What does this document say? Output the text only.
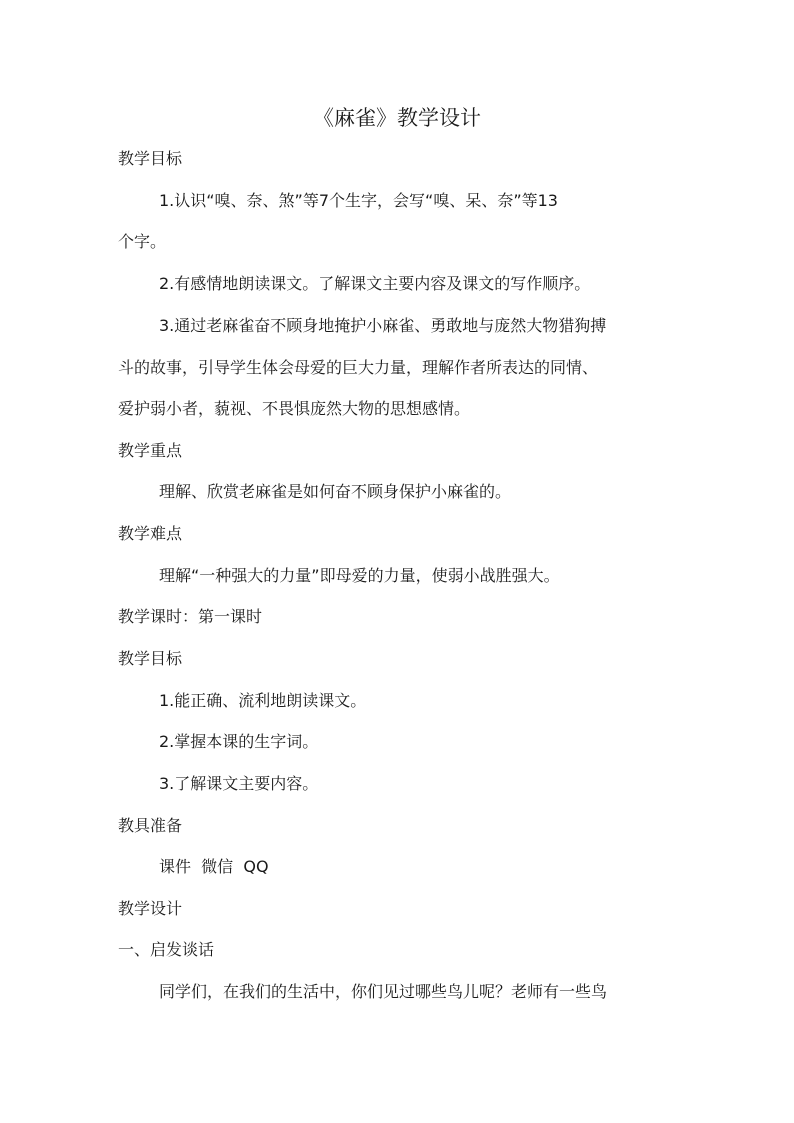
《麻雀》教学设计
教学目标
1.认识“嗅、奈、煞”等7个生字，会写“嗅、呆、奈”等13
个字。
2.有感情地朗读课文。了解课文主要内容及课文的写作顺序。
3.通过老麻雀奋不顾身地掩护小麻雀、勇敢地与庞然大物猎狗搏
斗的故事，引导学生体会母爱的巨大力量，理解作者所表达的同情、
爱护弱小者，藐视、不畏惧庞然大物的思想感情。
教学重点
理解、欣赏老麻雀是如何奋不顾身保护小麻雀的。
教学难点
理解“一种强大的力量”即母爱的力量，使弱小战胜强大。
教学课时：第一课时
教学目标
1.能正确、流利地朗读课文。
2.掌握本课的生字词。
3.了解课文主要内容。
教具准备
课件  微信  QQ
教学设计
一、启发谈话
同学们，在我们的生活中，你们见过哪些鸟儿呢？老师有一些鸟
